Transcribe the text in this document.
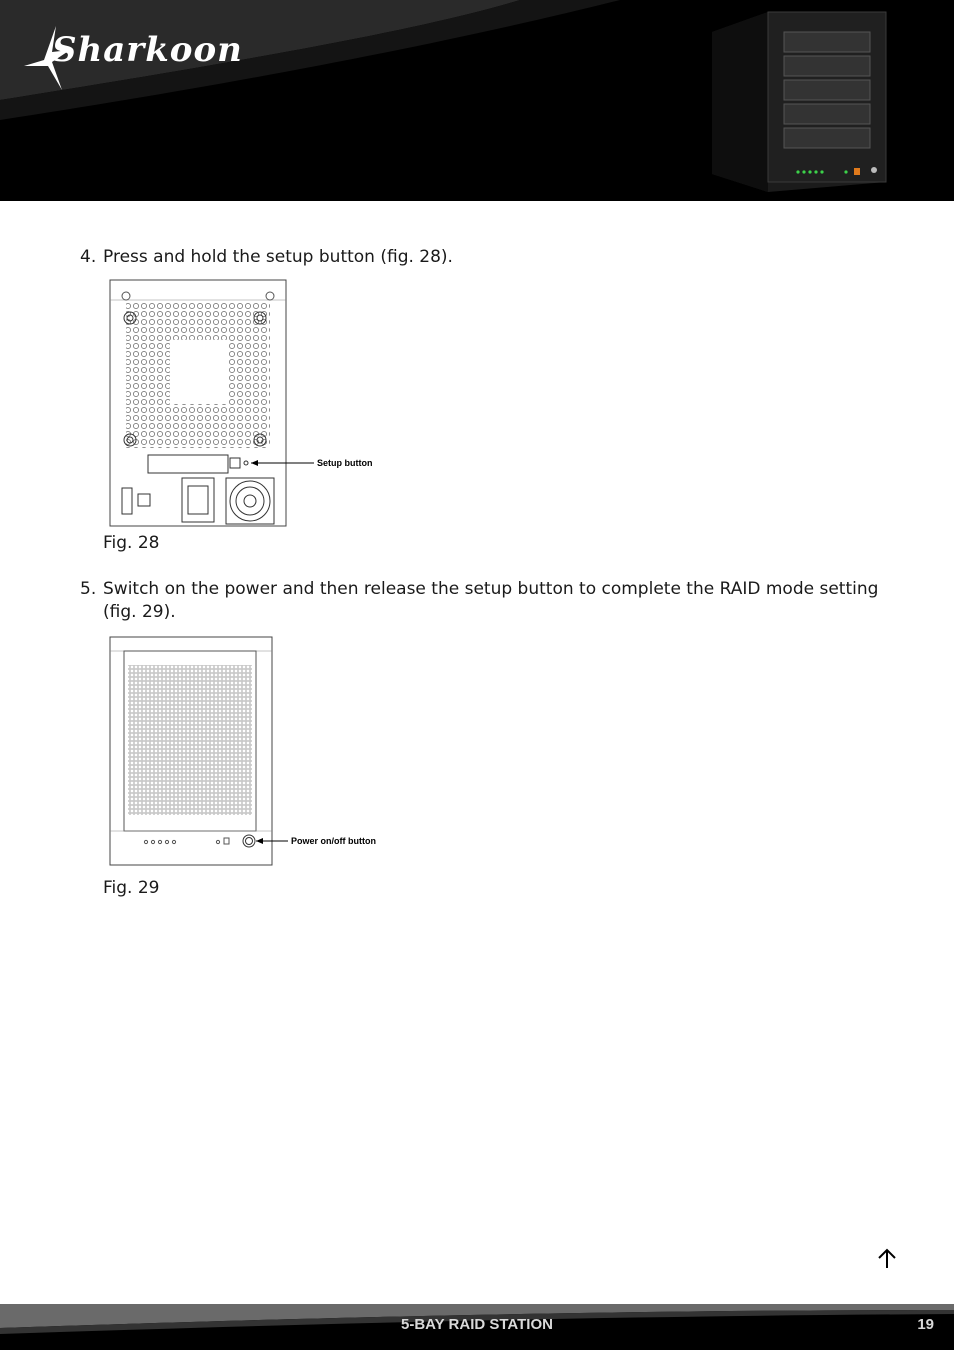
Sharkoon
4. Press and hold the setup button (fig. 28).
Setup button
Fig. 28
5. Switch on the power and then release the setup button to complete the RAID mode setting (fig. 29).
Power on/off button
Fig. 29
5-BAY RAID STATION	19
